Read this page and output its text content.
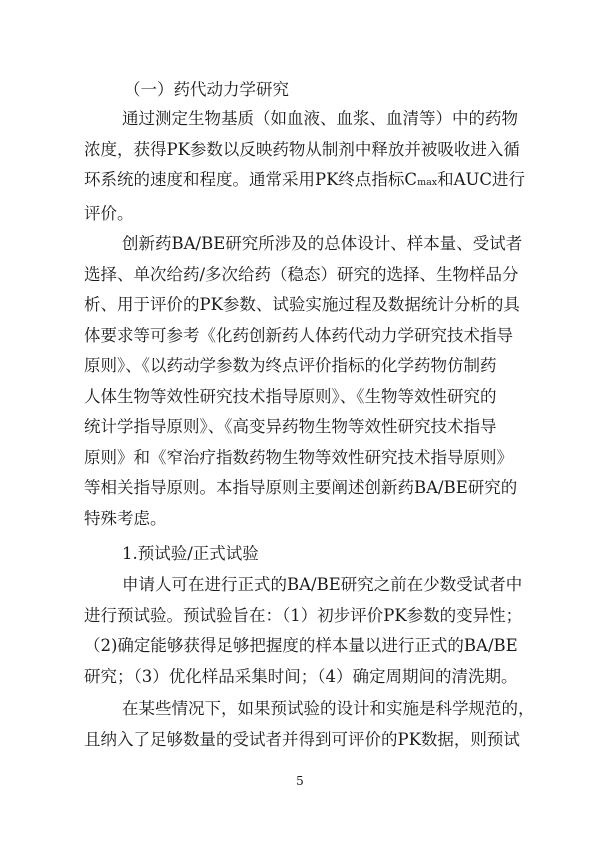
（一）药代动力学研究
通过测定生物基质（如血液、血浆、血清等）中的药物
浓度，获得PK参数以反映药物从制剂中释放并被吸收进入循
环系统的速度和程度。通常采用PK终点指标Cmax和AUC进行
评价。
创新药BA/BE研究所涉及的总体设计、样本量、受试者
选择、单次给药/多次给药（稳态）研究的选择、生物样品分
析、用于评价的PK参数、试验实施过程及数据统计分析的具
体要求等可参考《化药创新药人体药代动力学研究技术指导
原则》、《以药动学参数为终点评价指标的化学药物仿制药
人体生物等效性研究技术指导原则》、《生物等效性研究的
统计学指导原则》、《高变异药物生物等效性研究技术指导
原则》和《窄治疗指数药物生物等效性研究技术指导原则》
等相关指导原则。本指导原则主要阐述创新药BA/BE研究的
特殊考虑。
1.预试验/正式试验
申请人可在进行正式的BA/BE研究之前在少数受试者中
进行预试验。预试验旨在：（1）初步评价PK参数的变异性；
（2)确定能够获得足够把握度的样本量以进行正式的BA/BE
研究；（3）优化样品采集时间；（4）确定周期间的清洗期。
在某些情况下，如果预试验的设计和实施是科学规范的，
且纳入了足够数量的受试者并得到可评价的PK数据，则预试
5
